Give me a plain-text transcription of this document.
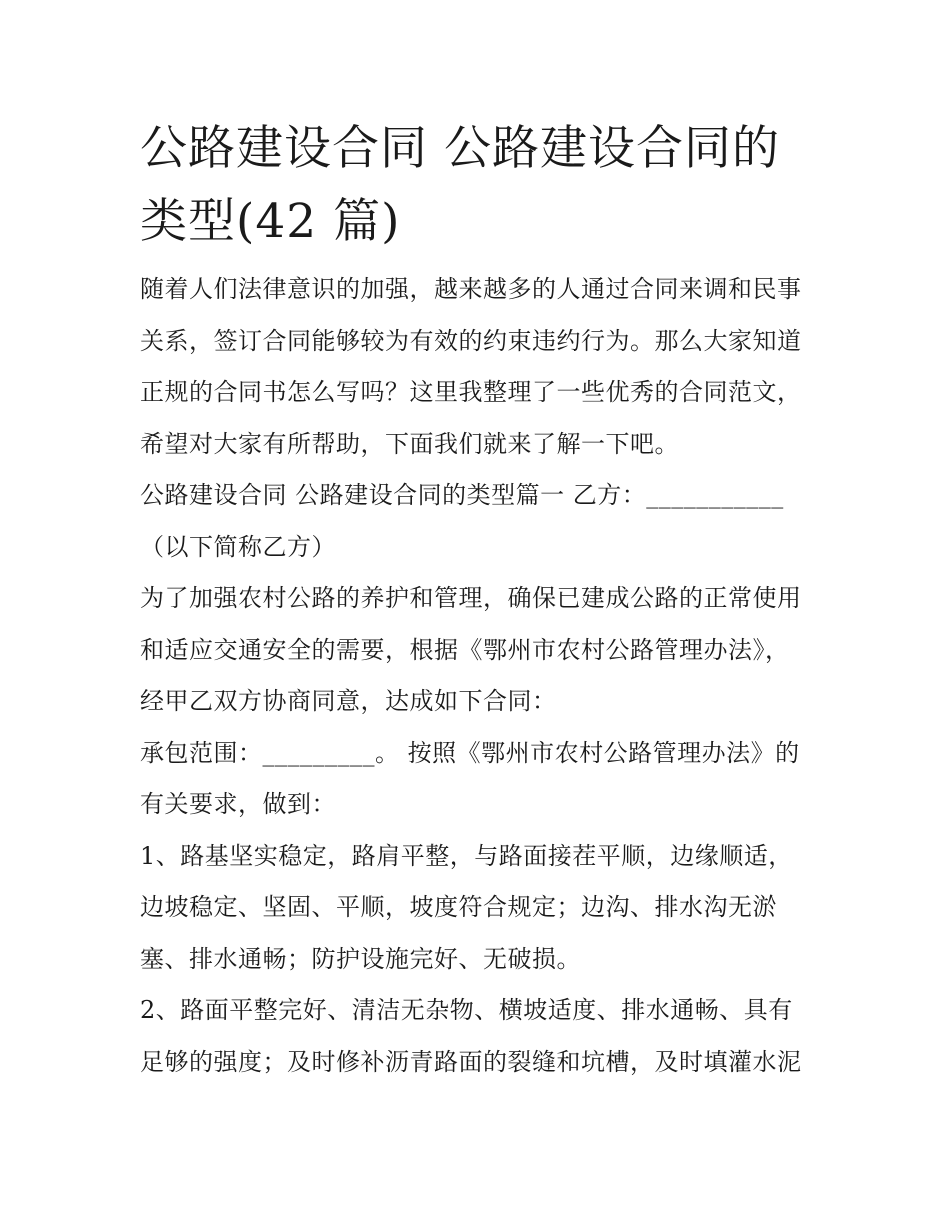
公路建设合同 公路建设合同的
类型(42 篇)

随着人们法律意识的加强，越来越多的人通过合同来调和民事
关系，签订合同能够较为有效的约束违约行为。那么大家知道
正规的合同书怎么写吗？这里我整理了一些优秀的合同范文，
希望对大家有所帮助，下面我们就来了解一下吧。

公路建设合同 公路建设合同的类型篇一 乙方：___________
（以下简称乙方）

为了加强农村公路的养护和管理，确保已建成公路的正常使用
和适应交通安全的需要，根据《鄂州市农村公路管理办法》，
经甲乙双方协商同意，达成如下合同：

承包范围：_________。 按照《鄂州市农村公路管理办法》的
有关要求，做到：

1、路基坚实稳定，路肩平整，与路面接茬平顺，边缘顺适，
边坡稳定、坚固、平顺，坡度符合规定；边沟、排水沟无淤
塞、排水通畅；防护设施完好、无破损。

2、路面平整完好、清洁无杂物、横坡适度、排水通畅、具有
足够的强度；及时修补沥青路面的裂缝和坑槽，及时填灌水泥
